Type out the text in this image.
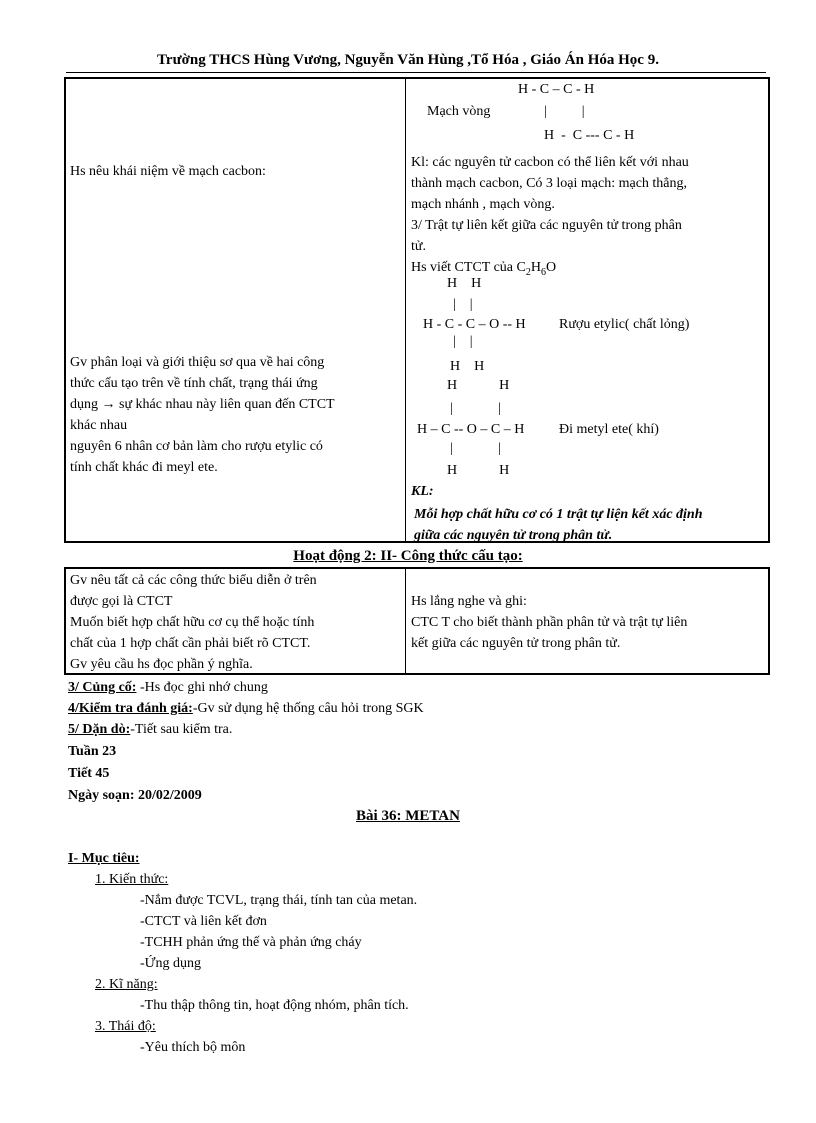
Trường THCS Hùng Vương, Nguyễn Văn Hùng ,Tổ Hóa , Giáo Án Hóa Học 9.
H - C – C - H
Mạch vòng	|          |
H  -  C --- C - H
Hs nêu khái niệm về mạch cacbon:
Kl: các nguyên tử cacbon có thể liên kết với nhau
thành mạch cacbon, Có 3 loại mạch: mạch thẳng,
mạch nhánh , mạch vòng.
3/ Trật tự liên kết giữa các nguyên tử trong phân
tử.
Hs viết CTCT của $C_2H_6O$
H    H
|    |
H - C - C – O -- H Rượu etylic( chất lỏng)
|    |
H    H
Gv phân loại và giới thiệu sơ qua về hai công
thức cấu tạo trên về tính chất, trạng thái ứng
dụng → sự khác nhau này liên quan đến CTCT
khác nhau
nguyên 6 nhân cơ bản làm cho rượu etylic có
tính chất khác đi meyl ete.
H            H
|             |
H – C -- O – C – H Đi metyl ete( khí)
|             |
H            H
KL:
Mỗi hợp chất hữu cơ có 1 trật tự liện kết xác định
giữa các nguyên tử trong phân tử.
Hoạt động 2: II- Công thức cấu tạo:
Gv nêu tất cả các công thức biểu diễn ở trên
được gọi là CTCT
Muốn biết hợp chất hữu cơ cụ thể hoặc tính
chất của 1 hợp chất cần phải biết rõ CTCT.
Gv yêu cầu hs đọc phần ý nghĩa.
Hs lắng nghe và ghi:
CTC T cho biết thành phần phân tử và trật tự liên
kết giữa các nguyên tử trong phân tử.
3/ Củng cố: -Hs đọc ghi nhớ chung
4/Kiểm tra đánh giá:-Gv sử dụng hệ thống câu hỏi trong SGK
5/ Dặn dò:-Tiết sau kiểm tra.
Tuần 23
Tiết 45
Ngày soạn: 20/02/2009
Bài 36: METAN
I- Mục tiêu:
1. Kiến thức:
-Nắm được TCVL, trạng thái, tính tan của metan.
-CTCT và liên kết đơn
-TCHH phản ứng thế và phản ứng cháy
-Ứng dụng
2. Kĩ năng:
-Thu thập thông tin, hoạt động nhóm, phân tích.
3. Thái độ:
-Yêu thích bộ môn
